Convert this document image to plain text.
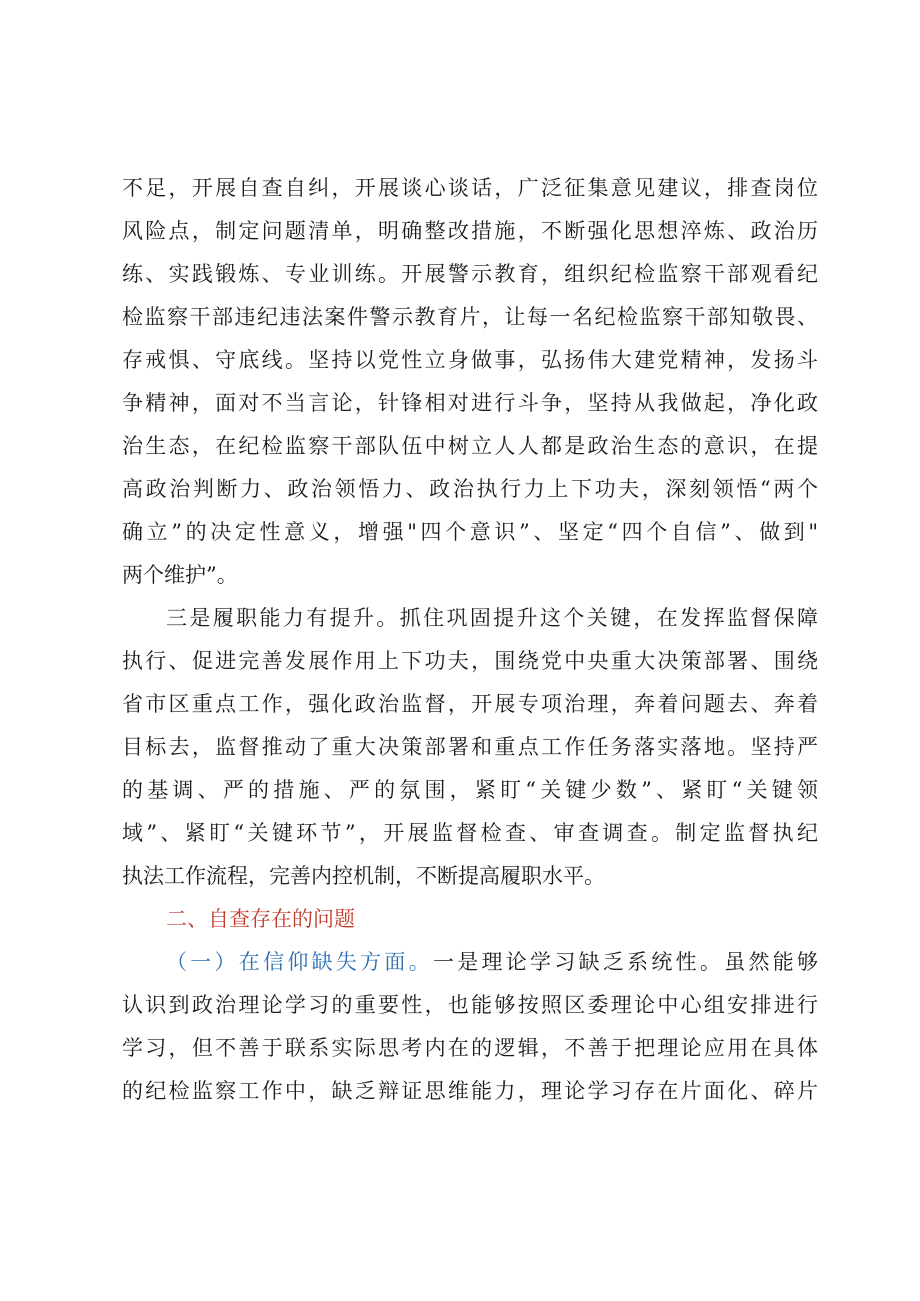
不足，开展自查自纠，开展谈心谈话，广泛征集意见建议，排查岗位
风险点，制定问题清单，明确整改措施，不断强化思想淬炼、政治历
练、实践锻炼、专业训练。开展警示教育，组织纪检监察干部观看纪
检监察干部违纪违法案件警示教育片，让每一名纪检监察干部知敬畏、
存戒惧、守底线。坚持以党性立身做事，弘扬伟大建党精神，发扬斗
争精神，面对不当言论，针锋相对进行斗争，坚持从我做起，净化政
治生态，在纪检监察干部队伍中树立人人都是政治生态的意识，在提
高政治判断力、政治领悟力、政治执行力上下功夫，深刻领悟“两个
确立”的决定性意义，增强"四个意识”、坚定“四个自信”、做到"
两个维护”。
三是履职能力有提升。抓住巩固提升这个关键，在发挥监督保障
执行、促进完善发展作用上下功夫，围绕党中央重大决策部署、围绕
省市区重点工作，强化政治监督，开展专项治理，奔着问题去、奔着
目标去，监督推动了重大决策部署和重点工作任务落实落地。坚持严
的基调、严的措施、严的氛围，紧盯“关键少数”、紧盯“关键领
域”、紧盯“关键环节”，开展监督检查、审查调查。制定监督执纪
执法工作流程，完善内控机制，不断提高履职水平。
二、自查存在的问题
（一）在信仰缺失方面。一是理论学习缺乏系统性。虽然能够
认识到政治理论学习的重要性，也能够按照区委理论中心组安排进行
学习，但不善于联系实际思考内在的逻辑，不善于把理论应用在具体
的纪检监察工作中，缺乏辩证思维能力，理论学习存在片面化、碎片
